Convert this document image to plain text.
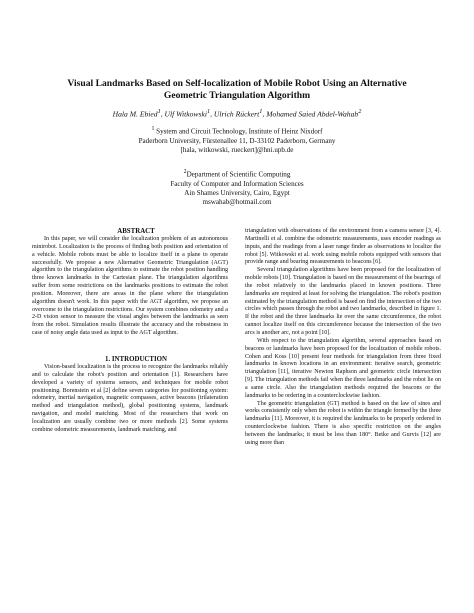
Visual Landmarks Based on Self-localization of Mobile Robot Using an Alternative
Geometric Triangulation Algorithm

Hala M. Ebied$^1$, Ulf Witkowski$^1$, Ulrich Rückert$^1$, Mohamed Saied Abdel-Wahab$^2$

$^1$ System and Circuit Technology, Institute of Heinz Nixdorf

Paderborn University, Fürstenallee 11, D-33102 Paderborn, Germany

[hala, witkowski, rueckert]@hni.upb.de

$^2$Department of Scientific Computing

Faculty of Computer and Information Sciences

Ain Shames University, Cairo, Egypt

mswahab@hotmail.com

ABSTRACT

In this paper, we will consider the localization problem of an autonomous minirobot. Localization is the process of finding both position and orientation of a vehicle. Mobile robots must be able to localize itself in a plane to operate successfully. We propose a new Alternative Geometric Triangulation (AGT) algorithm to the triangulation algorithms to estimate the robot position handling three known landmarks in the Cartesian plane. The triangulation algorithms suffer from some restrictions on the landmarks positions to estimate the robot position. Moreover, there are areas in the plane where the triangulation algorithm doesn't work. In this paper with the AGT algorithm, we propose an overcome to the triangulation restrictions. Our system combines odometry and a 2-D vision sensor to measure the visual angles between the landmarks as seen from the robot. Simulation results illustrate the accuracy and the robustness in case of noisy angle data used as input to the AGT algorithm.

1. INTRODUCTION

Vision-based localization is the process to recognize the landmarks reliably and to calculate the robot's position and orientation [1]. Researchers have developed a variety of systems sensors, and techniques for mobile robot positioning. Borenstein et al [2] define seven categories for positioning system: odometry, inertial navigation, magnetic compasses, active beacons (trilateration method and triangulation method), global positioning systems, landmark navigation, and model matching. Most of the researchers that work on localization are usually combine two or more methods [2]. Some systems combine odometric measurements, landmark matching, and

triangulation with observations of the environment from a camera sensor [3, 4]. Martinelli et al. combine the odometric measurements, uses encoder readings as inputs, and the readings from a laser range finder as observations to localize the robot [5]. Witkowski et al. work using mobile robots equipped with sensors that provide range and bearing measurements to beacons [6].

Several triangulation algorithms have been proposed for the localization of mobile robots [10]. Triangulation is based on the measurement of the bearings of the robot relatively to the landmarks placed in known positions. Three landmarks are required at least for solving the triangulation. The robot's position estimated by the triangulation method is based on find the intersection of the two circles which passes through the robot and two landmarks, described in figure 1. If the robot and the three landmarks lie over the same circumference, the robot cannot localize itself on this circumference because the intersection of the two arcs is another arc, not a point [10].

With respect to the triangulation algorithm, several approaches based on beacons or landmarks have been proposed for the localization of mobile robots. Cohen and Koss [10] present four methods for triangulation from three fixed landmarks in known locations in an environment: iterative search, geometric triangulation [11], iterative Newton Raphson and geometric circle intersection [9]. The triangulation methods fail when the three landmarks and the robot lie on a same circle. Also the triangulation methods required the beacons or the landmarks to be ordering in a counterclockwise fashion.

The geometric triangulation (GT) method is based on the law of sines and works consistently only when the robot is within the triangle formed by the three landmarks [11]. Moreover, it is required the landmarks to be properly ordered in counterclockwise fashion. There is also specific restriction on the angles between the landmarks; it must be less than 180°. Betke and Gurvis [12] are using more than
